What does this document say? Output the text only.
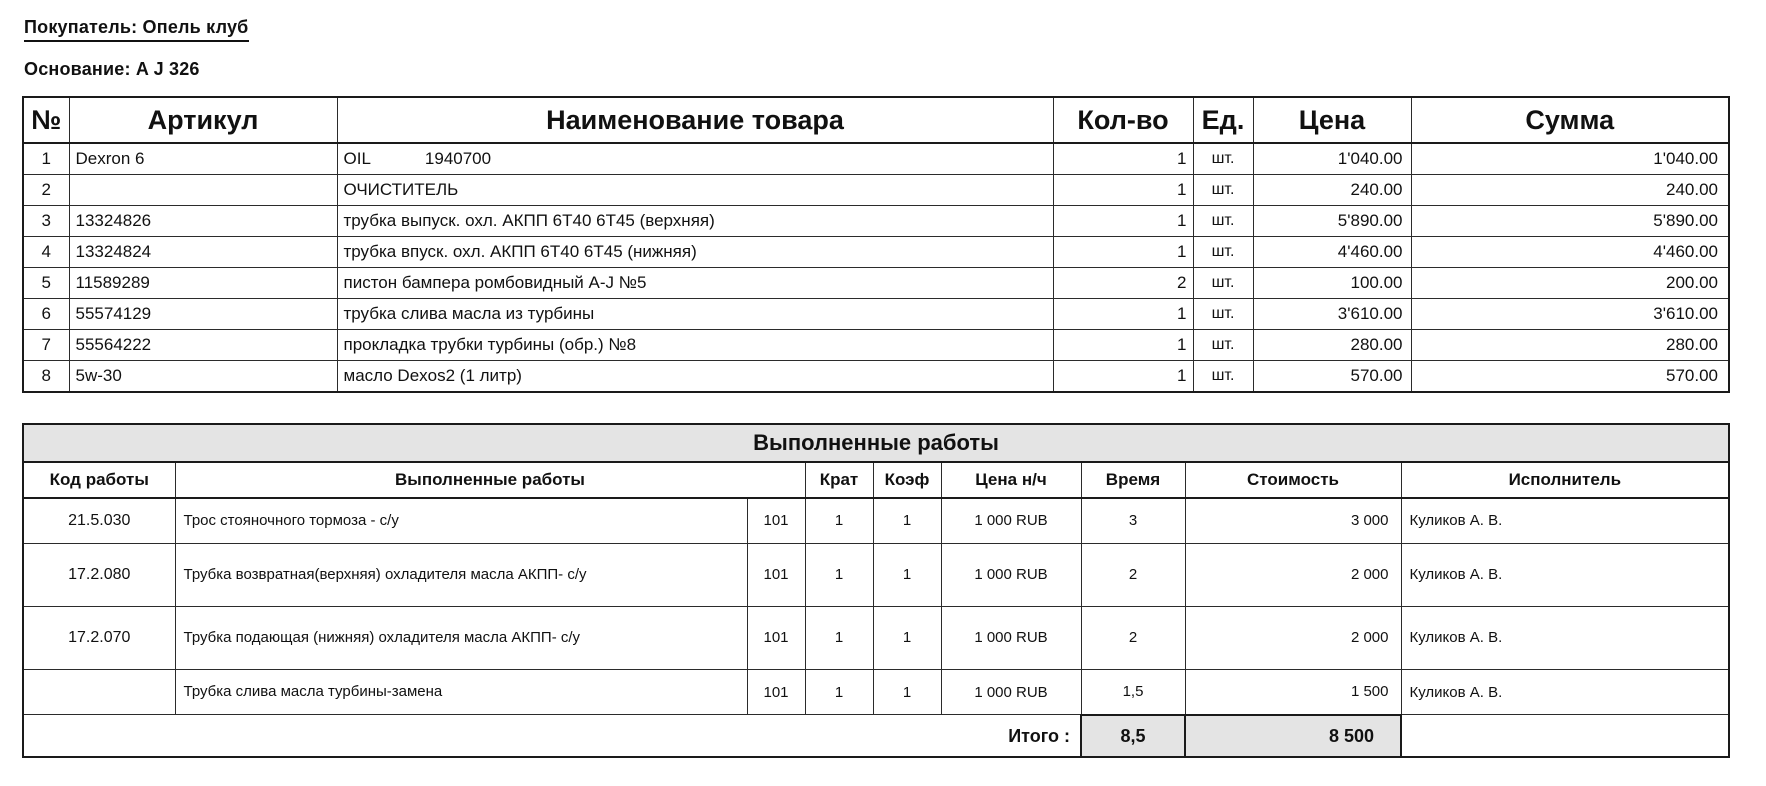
Покупатель: Опель клуб
Основание: A J 326
№	Артикул	Наименование товара	Кол-во	Ед.	Цена	Сумма
1	Dexron 6	OIL 1940700	1	шт.	1'040.00	1'040.00
2		ОЧИСТИТЕЛЬ	1	шт.	240.00	240.00
3	13324826	трубка выпуск. охл. АКПП 6Т40 6Т45 (верхняя)	1	шт.	5'890.00	5'890.00
4	13324824	трубка впуск. охл. АКПП 6Т40 6Т45 (нижняя)	1	шт.	4'460.00	4'460.00
5	11589289	пистон бампера ромбовидный A-J №5	2	шт.	100.00	200.00
6	55574129	трубка слива масла из турбины	1	шт.	3'610.00	3'610.00
7	55564222	прокладка трубки турбины (обр.) №8	1	шт.	280.00	280.00
8	5w-30	масло Dexos2 (1 литр)	1	шт.	570.00	570.00
Выполненные работы								
Код работы	Выполненные работы		Крат	Коэф	Цена н/ч	Время	Стоимость	Исполнитель
21.5.030	Трос стояночного тормоза - с/у	101	1	1	1 000 RUB	3	3 000	Куликов А. В.
17.2.080	Трубка возвратная(верхняя) охладителя масла АКПП- с/у	101	1	1	1 000 RUB	2	2 000	Куликов А. В.
17.2.070	Трубка подающая (нижняя) охладителя масла АКПП- с/у	101	1	1	1 000 RUB	2	2 000	Куликов А. В.
	Трубка слива масла турбины-замена	101	1	1	1 000 RUB	1,5	1 500	Куликов А. В.
					Итого :	8,5	8 500	
